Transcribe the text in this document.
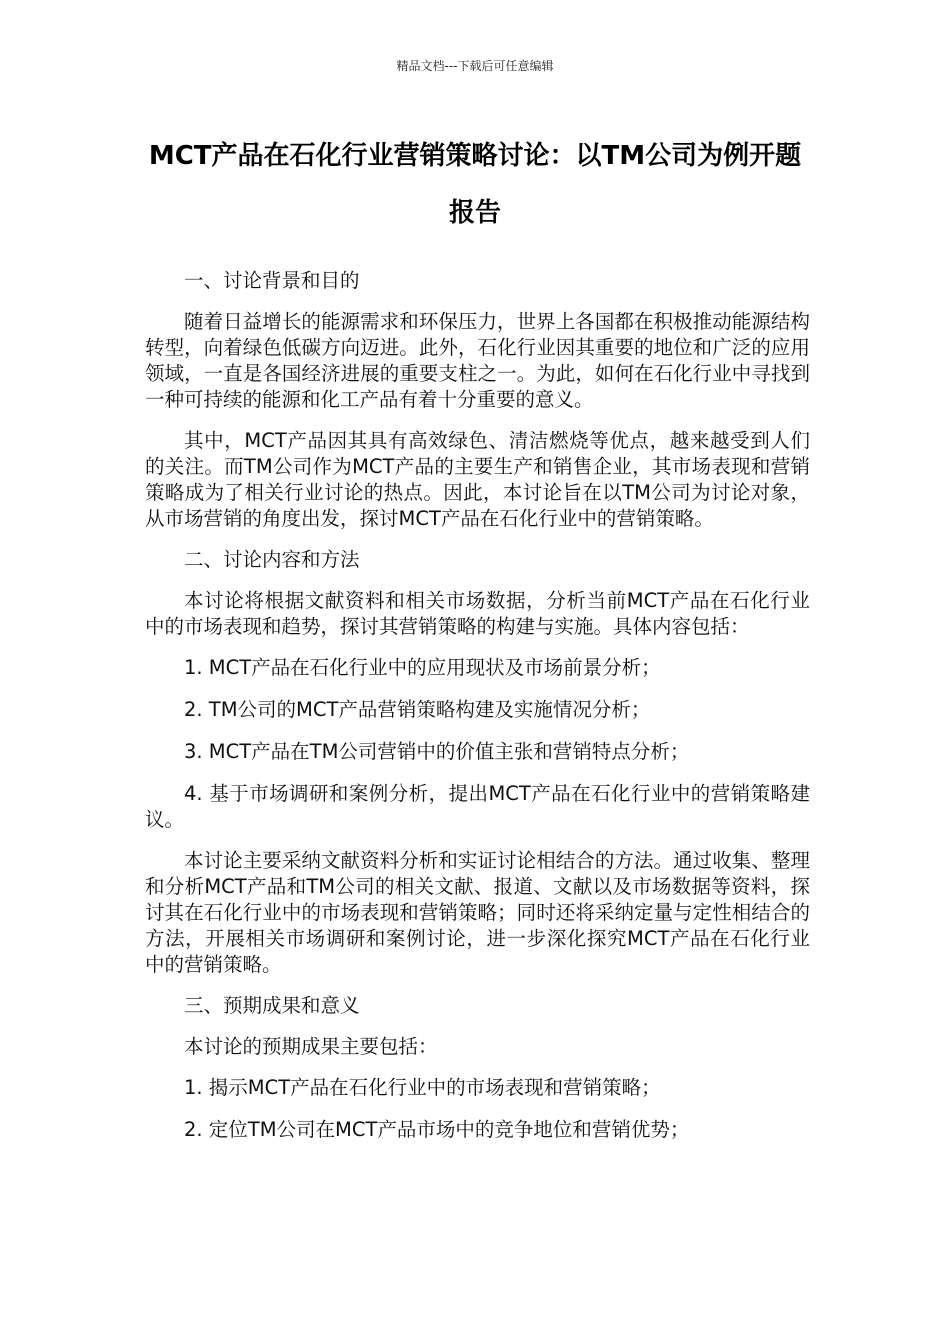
精品文档---下载后可任意编辑
MCT产品在石化行业营销策略讨论：以TM公司为例开题报告

一、讨论背景和目的

随着日益增长的能源需求和环保压力，世界上各国都在积极推动能源结构转型，向着绿色低碳方向迈进。此外，石化行业因其重要的地位和广泛的应用领域，一直是各国经济进展的重要支柱之一。为此，如何在石化行业中寻找到一种可持续的能源和化工产品有着十分重要的意义。

其中，MCT产品因其具有高效绿色、清洁燃烧等优点，越来越受到人们的关注。而TM公司作为MCT产品的主要生产和销售企业，其市场表现和营销策略成为了相关行业讨论的热点。因此，本讨论旨在以TM公司为讨论对象，从市场营销的角度出发，探讨MCT产品在石化行业中的营销策略。

二、讨论内容和方法

本讨论将根据文献资料和相关市场数据，分析当前MCT产品在石化行业中的市场表现和趋势，探讨其营销策略的构建与实施。具体内容包括：

1. MCT产品在石化行业中的应用现状及市场前景分析；

2. TM公司的MCT产品营销策略构建及实施情况分析；

3. MCT产品在TM公司营销中的价值主张和营销特点分析；

4. 基于市场调研和案例分析，提出MCT产品在石化行业中的营销策略建议。

本讨论主要采纳文献资料分析和实证讨论相结合的方法。通过收集、整理和分析MCT产品和TM公司的相关文献、报道、文献以及市场数据等资料，探讨其在石化行业中的市场表现和营销策略；同时还将采纳定量与定性相结合的方法，开展相关市场调研和案例讨论，进一步深化探究MCT产品在石化行业中的营销策略。

三、预期成果和意义

本讨论的预期成果主要包括：

1. 揭示MCT产品在石化行业中的市场表现和营销策略；

2. 定位TM公司在MCT产品市场中的竞争地位和营销优势；
